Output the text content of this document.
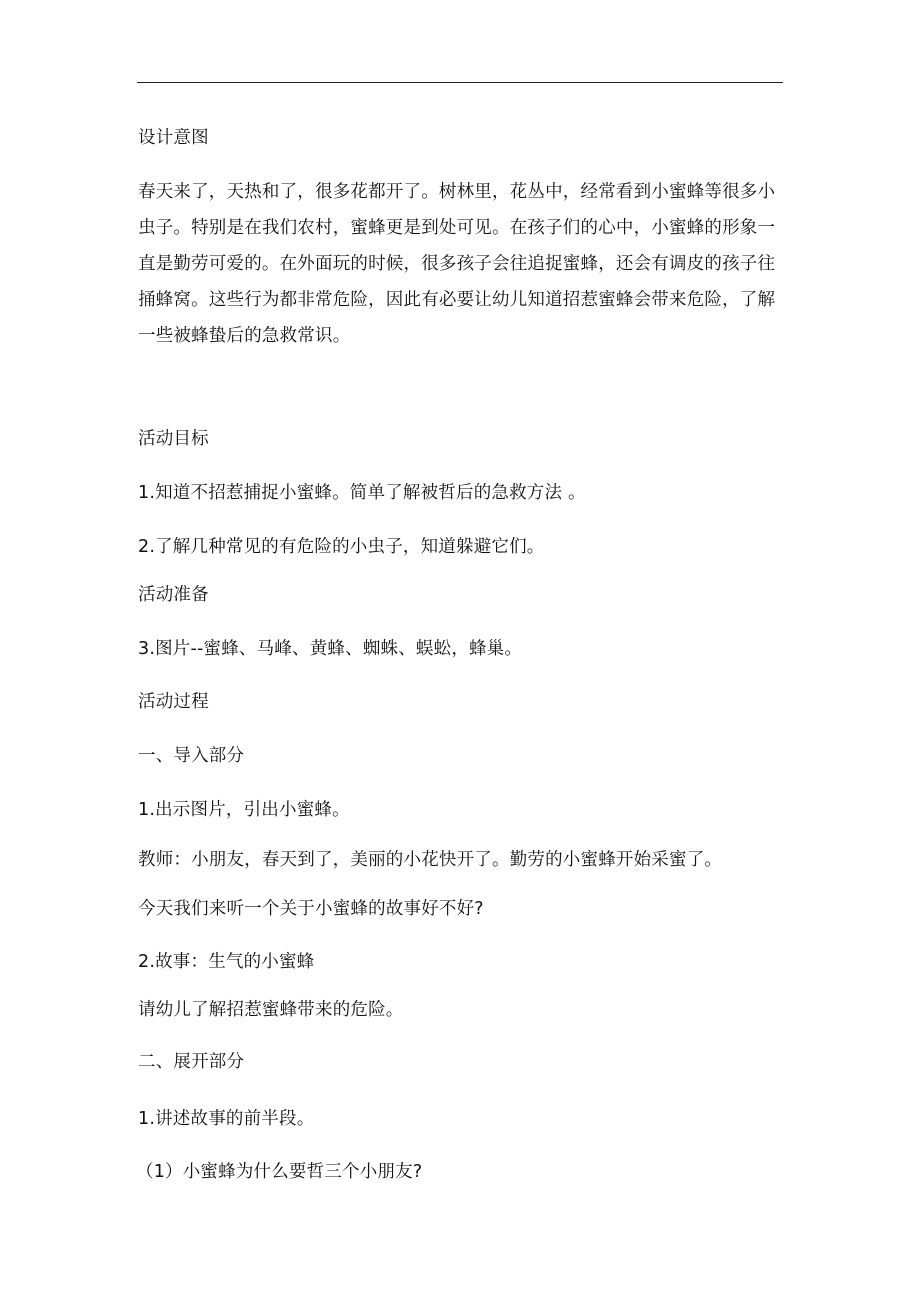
设计意图
春天来了，天热和了，很多花都开了。树林里，花丛中，经常看到小蜜蜂等很多小
虫子。特别是在我们农村，蜜蜂更是到处可见。在孩子们的心中，小蜜蜂的形象一
直是勤劳可爱的。在外面玩的时候，很多孩子会往追捉蜜蜂，还会有调皮的孩子往
捅蜂窝。这些行为都非常危险，因此有必要让幼儿知道招惹蜜蜂会带来危险，了解
一些被蜂蛰后的急救常识。
活动目标
1.知道不招惹捕捉小蜜蜂。简单了解被哲后的急救方法 。
2.了解几种常见的有危险的小虫子，知道躲避它们。
活动准备
3.图片--蜜蜂、马峰、黄蜂、蜘蛛、蜈蚣，蜂巢。
活动过程
一、导入部分
1.出示图片，引出小蜜蜂。
教师：小朋友，春天到了，美丽的小花快开了。勤劳的小蜜蜂开始采蜜了。
今天我们来听一个关于小蜜蜂的故事好不好?
2.故事：生气的小蜜蜂
请幼儿了解招惹蜜蜂带来的危险。
二、展开部分
1.讲述故事的前半段。
（1）小蜜蜂为什么要哲三个小朋友?
